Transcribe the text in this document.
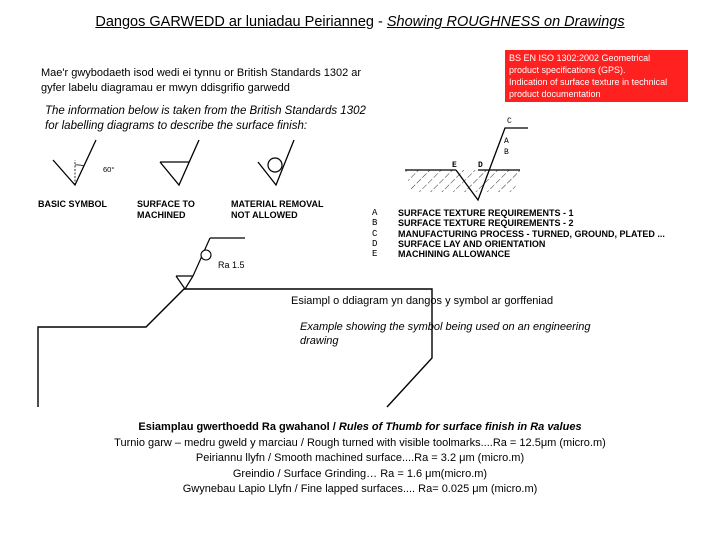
Dangos GARWEDD ar luniadau Peirianneg - Showing ROUGHNESS on Drawings
Mae'r gwybodaeth isod wedi ei tynnu or British Standards 1302 ar
gyfer labelu diagramau er mwyn ddisgrifio garwedd
BS EN ISO 1302:2002 Geometrical
product specifications (GPS).
Indication of surface texture in technical
product documentation
The information below is taken from the British Standards 1302
for labelling diagrams to describe the surface finish:
60°
BASIC SYMBOL	SURFACE TO
MACHINED
MATERIAL REMOVAL
NOT ALLOWED
C
A
B
E	D
Ra 1.5
A	SURFACE TEXTURE REQUIREMENTS - 1
B	SURFACE TEXTURE REQUIREMENTS - 2
C	MANUFACTURING PROCESS - TURNED, GROUND, PLATED ...
D	SURFACE LAY AND ORIENTATION
E	MACHINING ALLOWANCE
Esiampl o ddiagram yn dangos y symbol ar gorffeniad
Example showing the symbol being used on an engineering
drawing
Esiamplau gwerthoedd Ra gwahanol / Rules of Thumb for surface finish in Ra values
Turnio garw – medru gweld y marciau / Rough turned with visible toolmarks....Ra = 12.5μm (micro.m)
Peiriannu llyfn / Smooth machined surface....Ra = 3.2 μm (micro.m)
Greindio / Surface Grinding… Ra = 1.6 μm(micro.m)
Gwynebau Lapio Llyfn / Fine lapped surfaces.... Ra= 0.025 μm (micro.m)
